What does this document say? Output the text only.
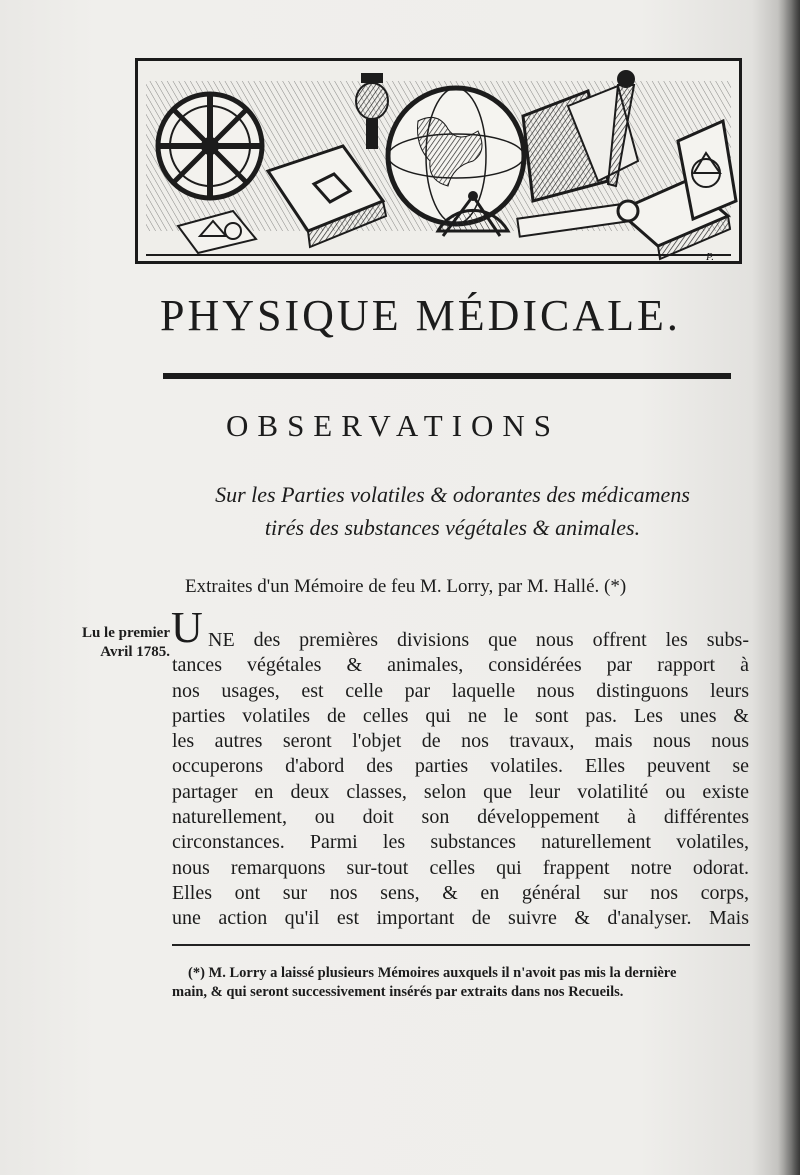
P.
PHYSIQUE MÉDICALE.
OBSERVATIONS
Sur les Parties volatiles & odorantes des médicamens
tirés des substances végétales & animales.
Extraites d'un Mémoire de feu M. Lorry, par M. Hallé. (*)
Lu le premier
Avril 1785. U NE des premières divisions que nous offrent les subs-
tances végétales & animales, considérées par rapport à
nos usages, est celle par laquelle nous distinguons leurs
parties volatiles de celles qui ne le sont pas. Les unes &
les autres seront l'objet de nos travaux, mais nous nous
occuperons d'abord des parties volatiles. Elles peuvent se
partager en deux classes, selon que leur volatilité ou existe
naturellement, ou doit son développement à différentes
circonstances. Parmi les substances naturellement volatiles,
nous remarquons sur-tout celles qui frappent notre odorat.
Elles ont sur nos sens, & en général sur nos corps,
une action qu'il est important de suivre & d'analyser. Mais
(*) M. Lorry a laissé plusieurs Mémoires auxquels il n'avoit pas mis la dernière
main, & qui seront successivement insérés par extraits dans nos Recueils.
